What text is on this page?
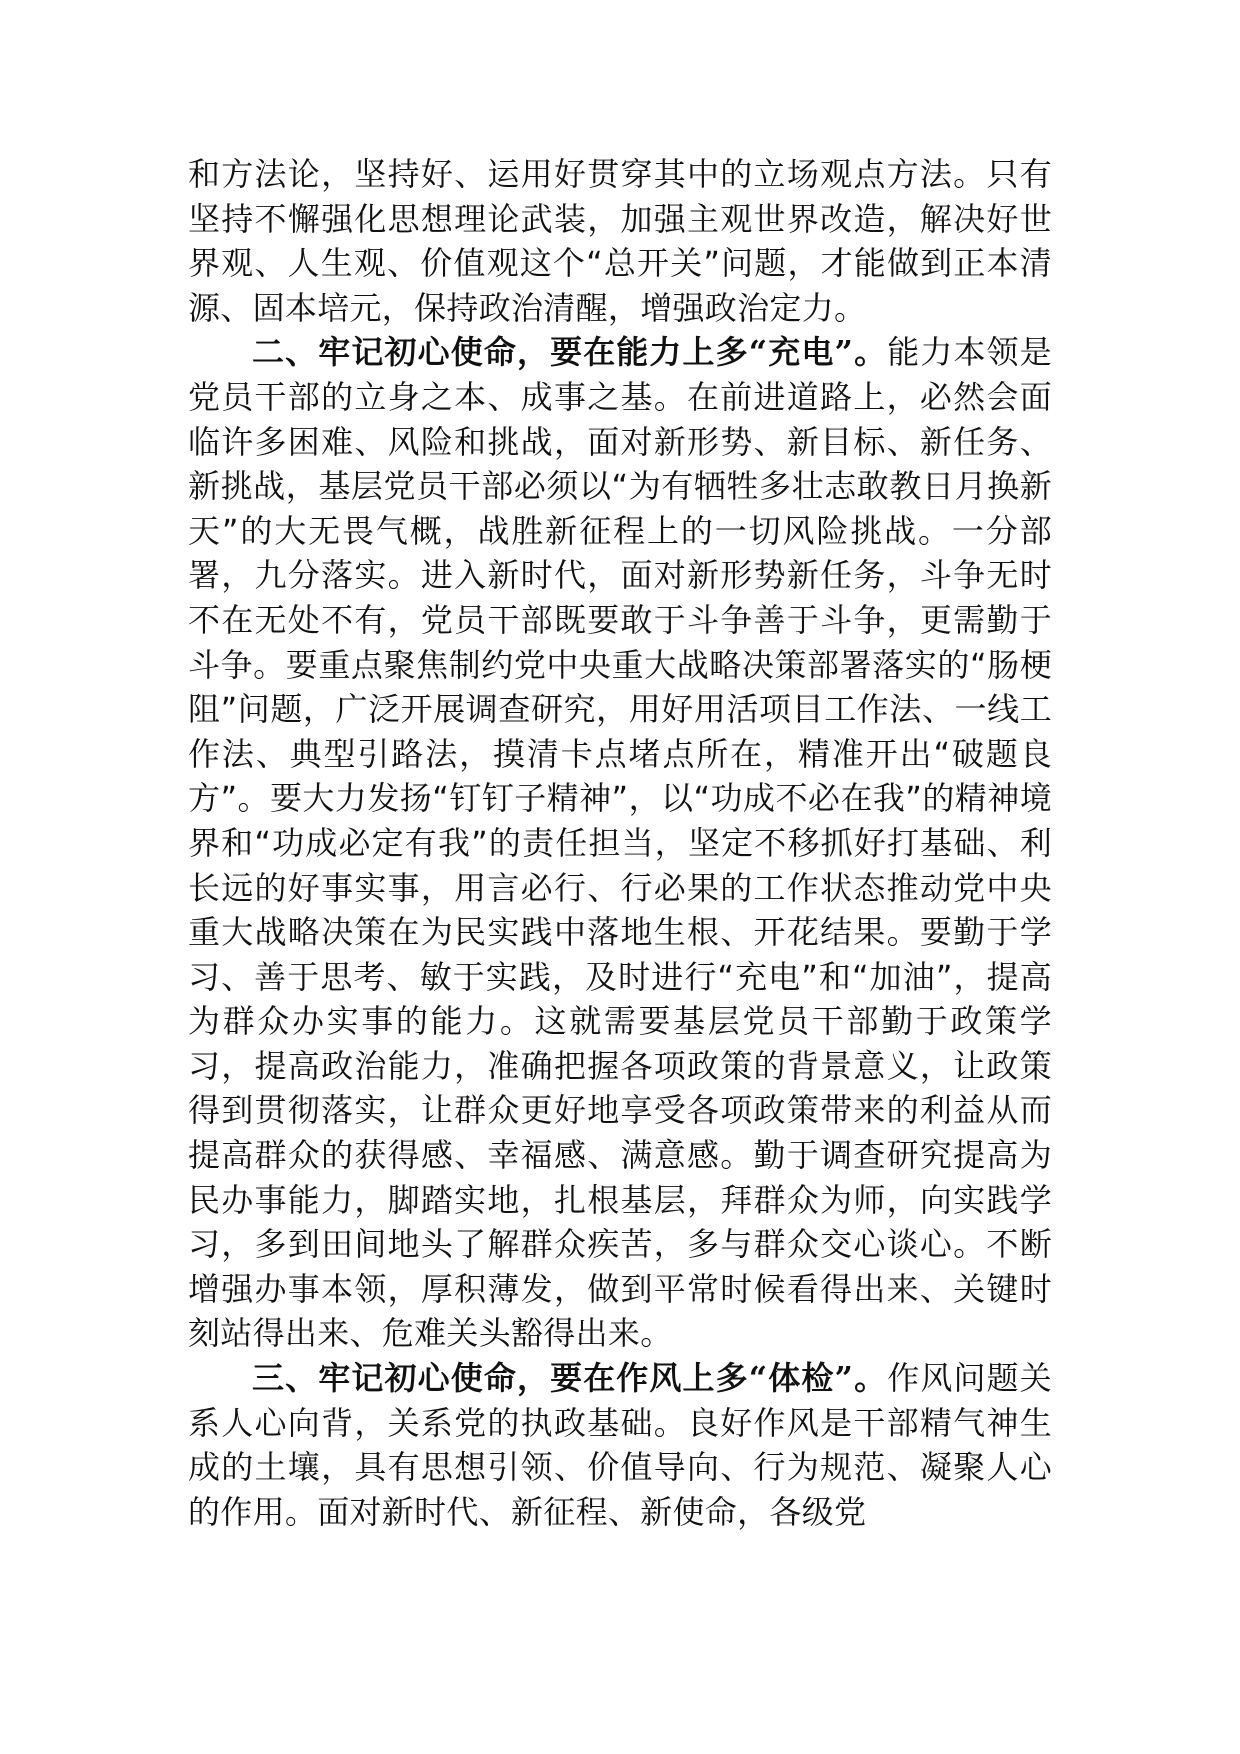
和方法论，坚持好、运用好贯穿其中的立场观点方法。只有坚持不懈强化思想理论武装，加强主观世界改造，解决好世界观、人生观、价值观这个“总开关”问题，才能做到正本清源、固本培元，保持政治清醒，增强政治定力。

二、牢记初心使命，要在能力上多“充电”。能力本领是党员干部的立身之本、成事之基。在前进道路上，必然会面临许多困难、风险和挑战，面对新形势、新目标、新任务、新挑战，基层党员干部必须以“为有牺牲多壮志敢教日月换新天”的大无畏气概，战胜新征程上的一切风险挑战。一分部署，九分落实。进入新时代，面对新形势新任务，斗争无时不在无处不有，党员干部既要敢于斗争善于斗争，更需勤于斗争。要重点聚焦制约党中央重大战略决策部署落实的“肠梗阻”问题，广泛开展调查研究，用好用活项目工作法、一线工作法、典型引路法，摸清卡点堵点所在，精准开出“破题良方”。要大力发扬“钉钉子精神”，以“功成不必在我”的精神境界和“功成必定有我”的责任担当，坚定不移抓好打基础、利长远的好事实事，用言必行、行必果的工作状态推动党中央重大战略决策在为民实践中落地生根、开花结果。要勤于学习、善于思考、敏于实践，及时进行“充电”和“加油”，提高为群众办实事的能力。这就需要基层党员干部勤于政策学习，提高政治能力，准确把握各项政策的背景意义，让政策得到贯彻落实，让群众更好地享受各项政策带来的利益从而提高群众的获得感、幸福感、满意感。勤于调查研究提高为民办事能力，脚踏实地，扎根基层，拜群众为师，向实践学习，多到田间地头了解群众疾苦，多与群众交心谈心。不断增强办事本领，厚积薄发，做到平常时候看得出来、关键时刻站得出来、危难关头豁得出来。

三、牢记初心使命，要在作风上多“体检”。作风问题关系人心向背，关系党的执政基础。良好作风是干部精气神生成的土壤，具有思想引领、价值导向、行为规范、凝聚人心的作用。面对新时代、新征程、新使命，各级党
